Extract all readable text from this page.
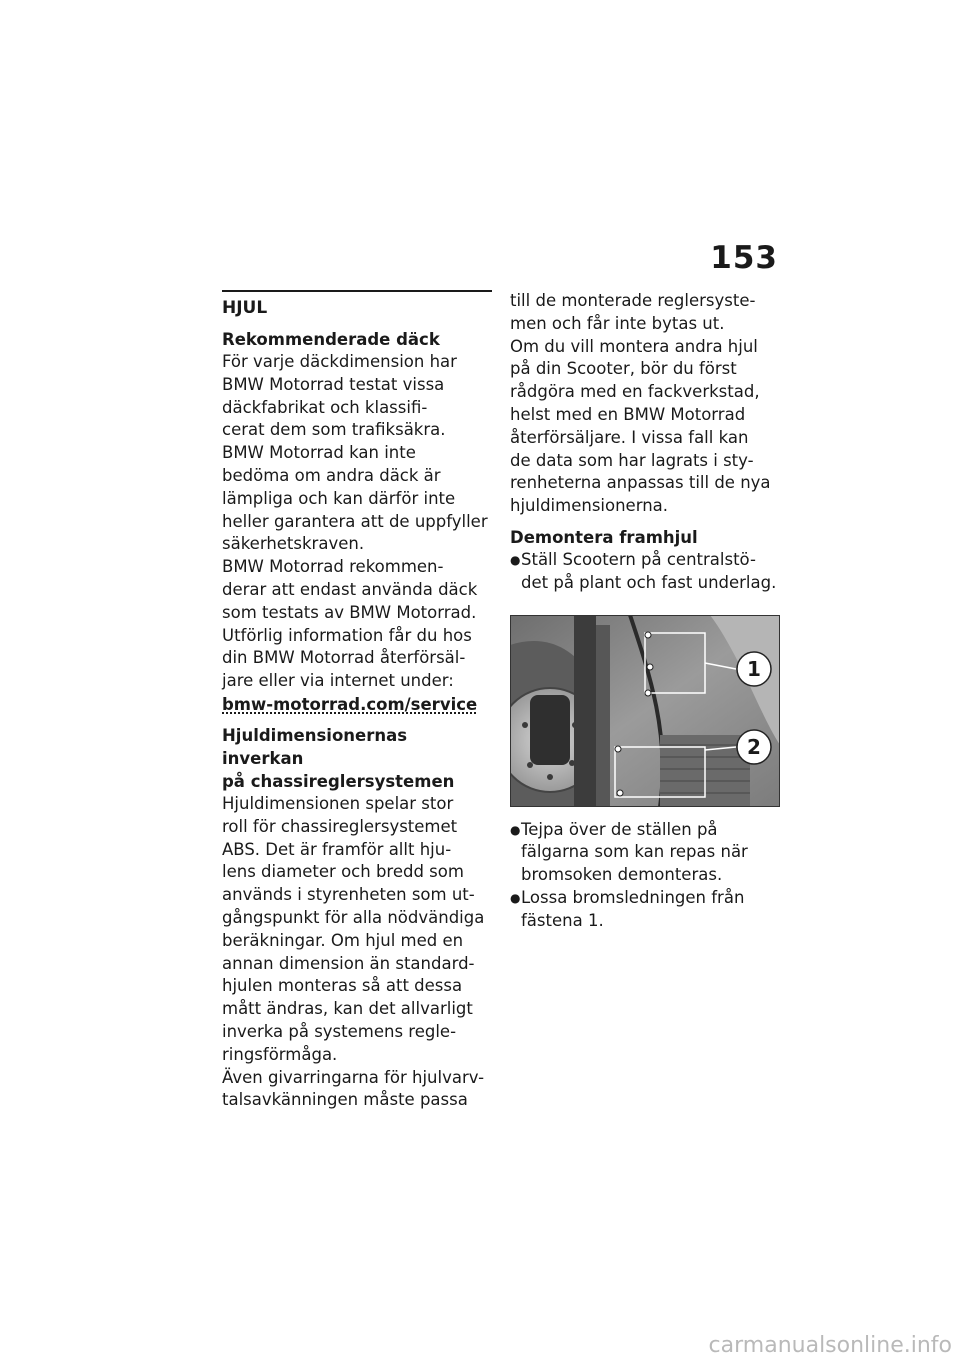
153
HJUL
Rekommenderade däck
För varje däckdimension har
BMW Motorrad testat vissa
däckfabrikat och klassifi-
cerat dem som trafiksäkra.
BMW Motorrad kan inte
bedöma om andra däck är
lämpliga och kan därför inte
heller garantera att de uppfyller
säkerhetskraven.
BMW Motorrad rekommen-
derar att endast använda däck
som testats av BMW Motorrad.
Utförlig information får du hos
din BMW Motorrad återförsäl-
jare eller via internet under:
bmw-motorrad.com/service
Hjuldimensionernas inverkan
på chassireglersystemen
Hjuldimensionen spelar stor
roll för chassireglersystemet
ABS. Det är framför allt hju-
lens diameter och bredd som
används i styrenheten som ut-
gångspunkt för alla nödvändiga
beräkningar. Om hjul med en
annan dimension än standard-
hjulen monteras så att dessa
mått ändras, kan det allvarligt
inverka på systemens regle-
ringsförmåga.
Även givarringarna för hjulvarv-
talsavkänningen måste passa
till de monterade reglersyste-
men och får inte bytas ut.
Om du vill montera andra hjul
på din Scooter, bör du först
rådgöra med en fackverkstad,
helst med en BMW Motorrad
återförsäljare. I vissa fall kan
de data som har lagrats i sty-
renheterna anpassas till de nya
hjuldimensionerna.
Demontera framhjul
● Ställ Scootern på centralstö-
det på plant och fast underlag.
1
2
● Tejpa över de ställen på
fälgarna som kan repas när
bromsoken demonteras.
● Lossa bromsledningen från
fästena 1.
carmanualsonline.info
